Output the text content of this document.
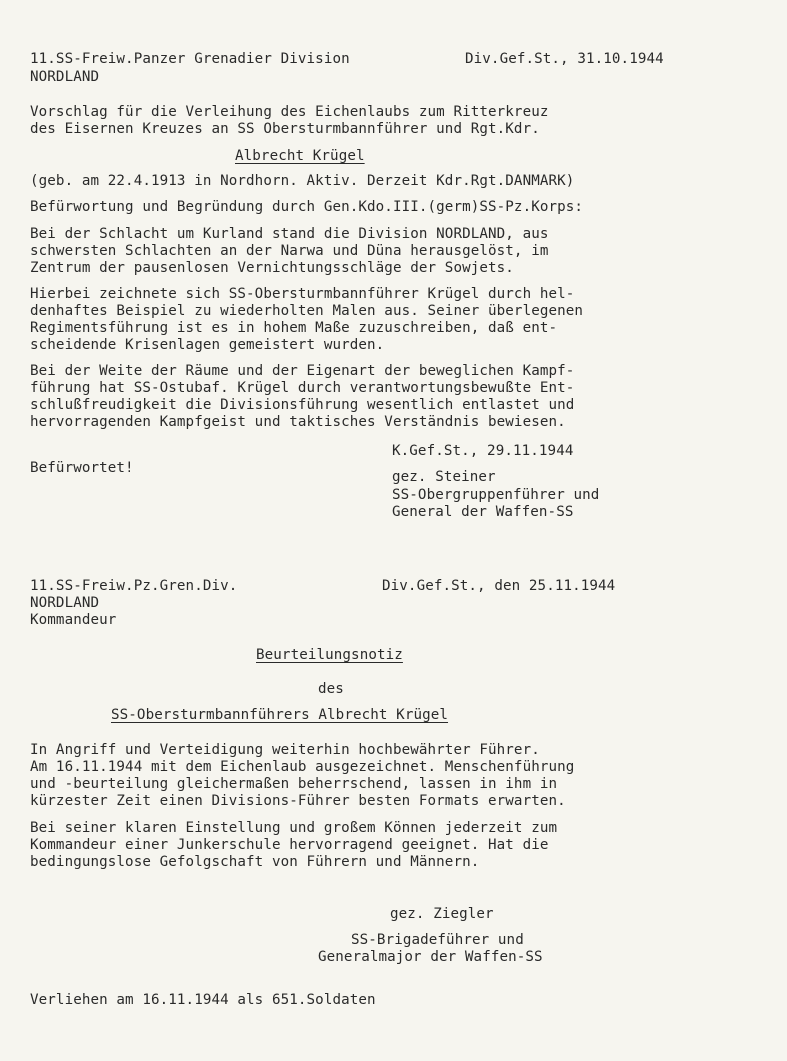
11.SS-Freiw.Panzer Grenadier Division	Div.Gef.St., 31.10.1944
NORDLAND
Vorschlag für die Verleihung des Eichenlaubs zum Ritterkreuz
des Eisernen Kreuzes an SS Obersturmbannführer und Rgt.Kdr.
Albrecht Krügel
(geb. am 22.4.1913 in Nordhorn. Aktiv. Derzeit Kdr.Rgt.DANMARK)
Befürwortung und Begründung durch Gen.Kdo.III.(germ)SS-Pz.Korps:
Bei der Schlacht um Kurland stand die Division NORDLAND, aus
schwersten Schlachten an der Narwa und Düna herausgelöst, im
Zentrum der pausenlosen Vernichtungsschläge der Sowjets.
Hierbei zeichnete sich SS-Obersturmbannführer Krügel durch hel-
denhaftes Beispiel zu wiederholten Malen aus. Seiner überlegenen
Regimentsführung ist es in hohem Maße zuzuschreiben, daß ent-
scheidende Krisenlagen gemeistert wurden.
Bei der Weite der Räume und der Eigenart der beweglichen Kampf-
führung hat SS-Ostubaf. Krügel durch verantwortungsbewußte Ent-
schlußfreudigkeit die Divisionsführung wesentlich entlastet und
hervorragenden Kampfgeist und taktisches Verständnis bewiesen.
K.Gef.St., 29.11.1944
Befürwortet!
gez. Steiner
SS-Obergruppenführer und
General der Waffen-SS
11.SS-Freiw.Pz.Gren.Div.	Div.Gef.St., den 25.11.1944
NORDLAND
Kommandeur
Beurteilungsnotiz
des
SS-Obersturmbannführers Albrecht Krügel
In Angriff und Verteidigung weiterhin hochbewährter Führer.
Am 16.11.1944 mit dem Eichenlaub ausgezeichnet. Menschenführung
und -beurteilung gleichermaßen beherrschend, lassen in ihm in
kürzester Zeit einen Divisions-Führer besten Formats erwarten.
Bei seiner klaren Einstellung und großem Können jederzeit zum
Kommandeur einer Junkerschule hervorragend geeignet. Hat die
bedingungslose Gefolgschaft von Führern und Männern.
gez. Ziegler
SS-Brigadeführer und
Generalmajor der Waffen-SS
Verliehen am 16.11.1944 als 651.Soldaten
